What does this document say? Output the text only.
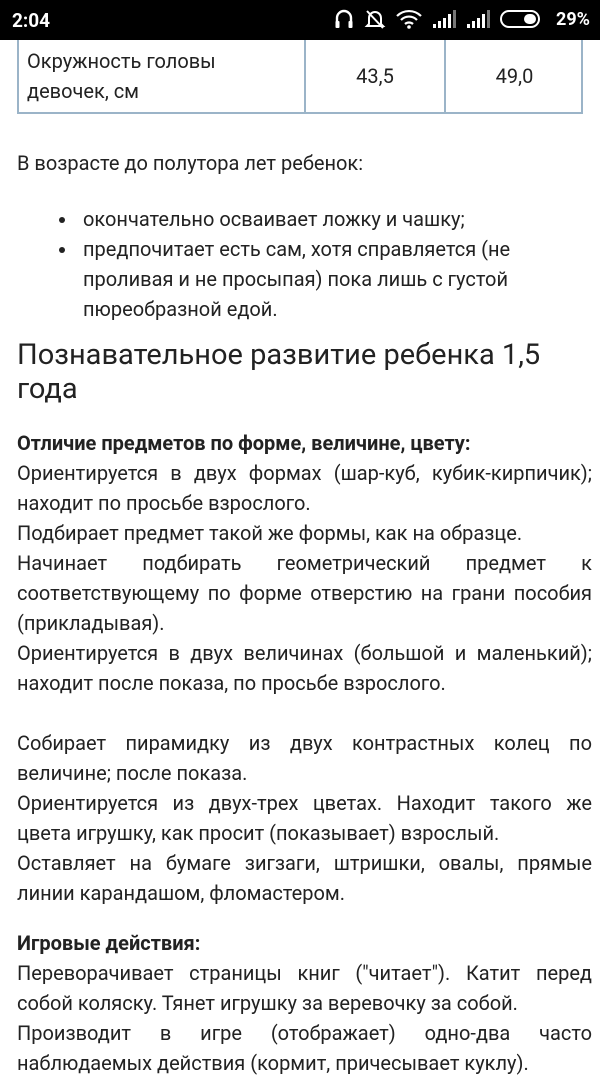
2:04	29%
Окружность головы
девочек, см
43,5	49,0

В возрасте до полутора лет ребенок:

окончательно осваивает ложку и чашку;
предпочитает есть сам, хотя справляется (не проливая и не просыпая) пока лишь с густой пюреобразной едой.
Познавательное развитие ребенка 1,5 года

Отличие предметов по форме, величине, цвету:

Ориентируется в двух формах (шар-куб, кубик-кирпичик); находит по просьбе взрослого.

Подбирает предмет такой же формы, как на образце.

Начинает подбирать геометрический предмет к соответствующему по форме отверстию на грани пособия (прикладывая).

Ориентируется в двух величинах (большой и маленький); находит после показа, по просьбе взрослого.

Собирает пирамидку из двух контрастных колец по величине; после показа.

Ориентируется из двух-трех цветах. Находит такого же цвета игрушку, как просит (показывает) взрослый.

Оставляет на бумаге зигзаги, штришки, овалы, прямые линии карандашом, фломастером.

Игровые действия:

Переворачивает страницы книг ("читает"). Катит перед собой коляску. Тянет игрушку за веревочку за собой.

Производит в игре (отображает) одно-два часто наблюдаемых действия (кормит, причесывает куклу).
